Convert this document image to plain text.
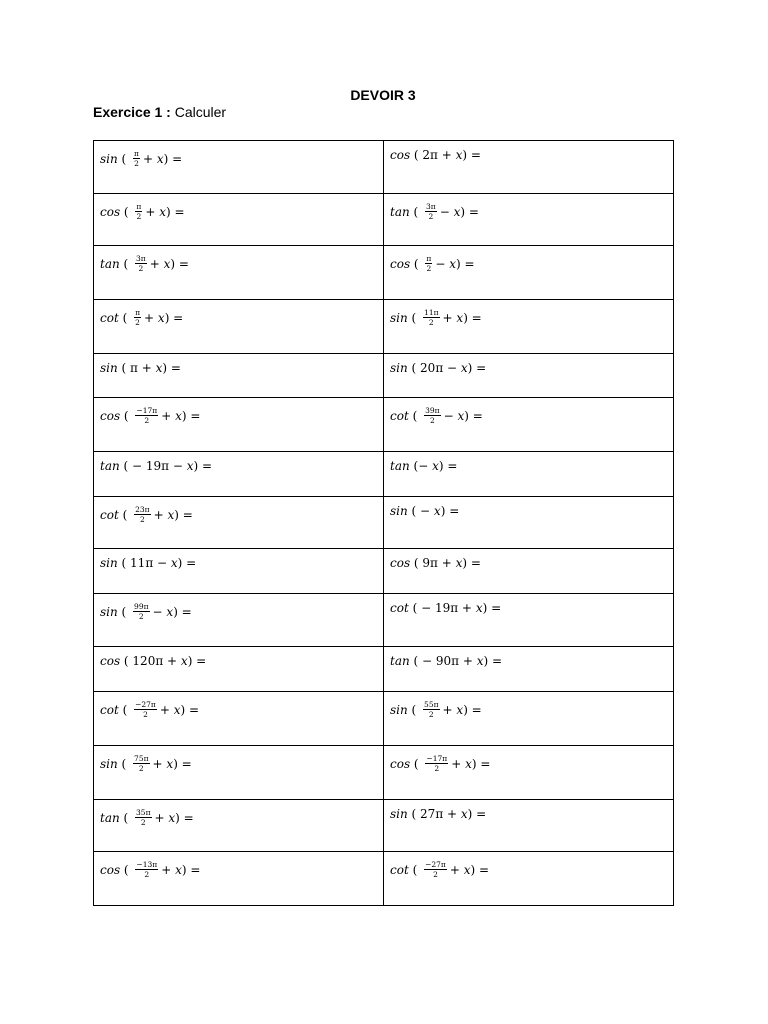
DEVOIR 3
Exercice 1 : Calculer
sin ( $\frac{\pi}{2} + x$) =	cos ( 2π + x) =

cos ( $\frac{\pi}{2} + x$) =	tan ( $\frac{3\pi}{2} - x$) =

tan ( $\frac{3\pi}{2} + x$) =	cos ( $\frac{\pi}{2} - x$) =

cot ( $\frac{\pi}{2} + x$) =	sin ( $\frac{11\pi}{2} + x$) =

sin ( π + x) =	sin ( 20π − x) =

cos ( $\frac{-17\pi}{2} + x$) =	cot ( $\frac{39\pi}{2} - x$) =

tan ( − 19π − x) =	tan (− x) =

cot ( $\frac{23\pi}{2} + x$) =	sin ( − x) =

sin ( 11π − x) =	cos ( 9π + x) =

sin ( $\frac{99\pi}{2} - x$) =	cot ( − 19π + x) =

cos ( 120π + x) =	tan ( − 90π + x) =

cot ( $\frac{-27\pi}{2} + x$) =	sin ( $\frac{55\pi}{2} + x$) =

sin ( $\frac{75\pi}{2} + x$) =	cos ( $\frac{-17\pi}{2} + x$) =

tan ( $\frac{35\pi}{2} + x$) =	sin ( 27π + x) =

cos ( $\frac{-13\pi}{2} + x$) =	cot ( $\frac{-27\pi}{2} + x$) =
